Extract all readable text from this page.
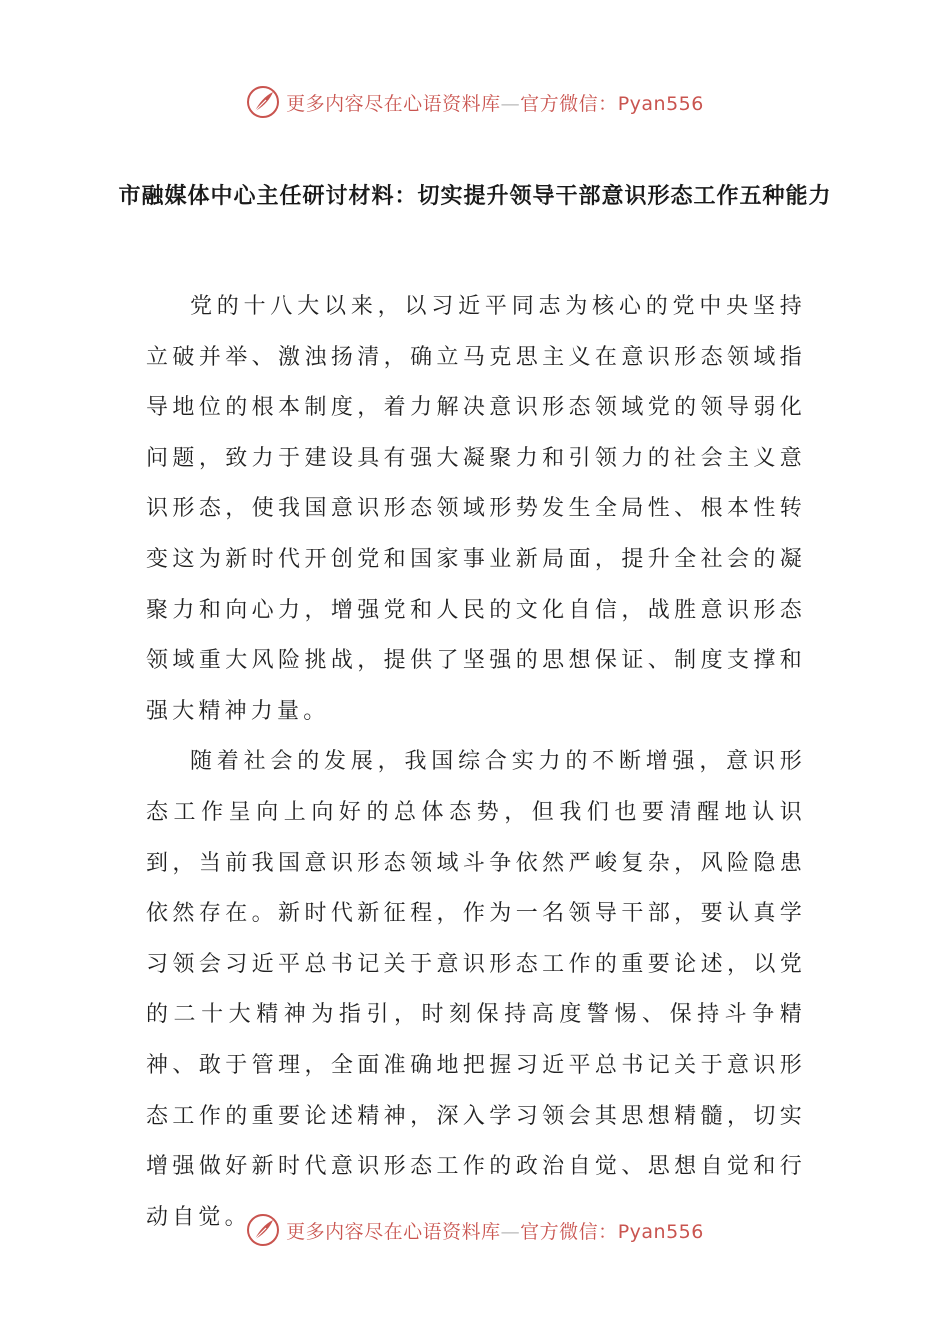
更多内容尽在心语资料库—官方微信：Pyan556
市融媒体中心主任研讨材料：切实提升领导干部意识形态工作五种能力

党的十八大以来，以习近平同志为核心的党中央坚持立破并举、激浊扬清，确立马克思主义在意识形态领域指导地位的根本制度，着力解决意识形态领域党的领导弱化问题，致力于建设具有强大凝聚力和引领力的社会主义意识形态，使我国意识形态领域形势发生全局性、根本性转变这为新时代开创党和国家事业新局面，提升全社会的凝聚力和向心力，增强党和人民的文化自信，战胜意识形态领域重大风险挑战，提供了坚强的思想保证、制度支撑和强大精神力量。

随着社会的发展，我国综合实力的不断增强，意识形态工作呈向上向好的总体态势，但我们也要清醒地认识到，当前我国意识形态领域斗争依然严峻复杂，风险隐患依然存在。新时代新征程，作为一名领导干部，要认真学习领会习近平总书记关于意识形态工作的重要论述，以党的二十大精神为指引，时刻保持高度警惕、保持斗争精神、敢于管理，全面准确地把握习近平总书记关于意识形态工作的重要论述精神，深入学习领会其思想精髓，切实增强做好新时代意识形态工作的政治自觉、思想自觉和行动自觉。

更多内容尽在心语资料库—官方微信：Pyan556
